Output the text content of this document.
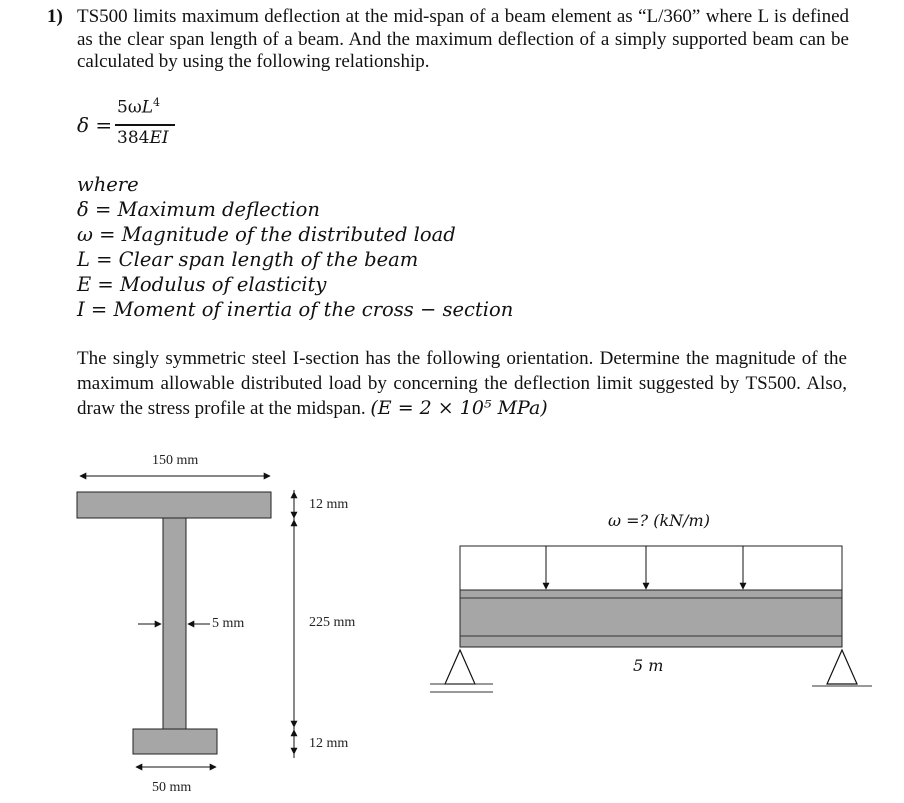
1) TS500 limits maximum deflection at the mid-span of a beam element as “L/360” where L is defined as the clear span length of a beam. And the maximum deflection of a simply supported beam can be calculated by using the following relationship.
δ =
$5\omega L^4$
384EI
where
δ = Maximum deflection
ω = Magnitude of the distributed load
L = Clear span length of the beam
E = Modulus of elasticity
I = Moment of inertia of the cross − section
The singly symmetric steel I-section has the following orientation. Determine the magnitude of the maximum allowable distributed load by concerning the deflection limit suggested by TS500. Also, draw the stress profile at the midspan. (E = 2 × 10⁵ MPa)
150 mm
12 mm
5 mm	225 mm
12 mm
50 mm
ω =? (kN/m)
5 m
